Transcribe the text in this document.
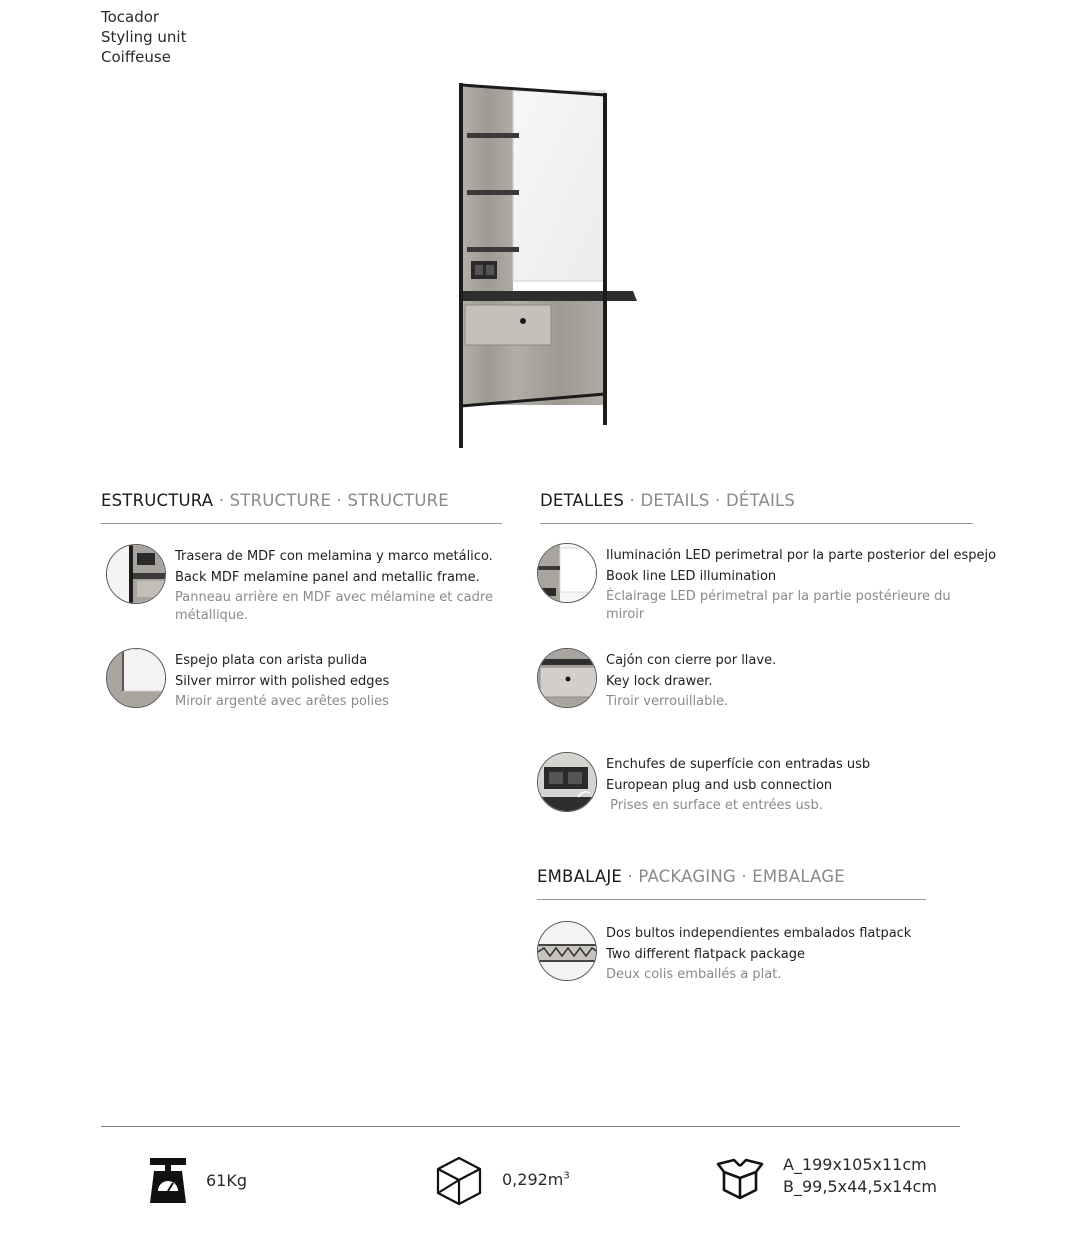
Tocador
Styling unit
Coiffeuse
ESTRUCTURA · STRUCTURE · STRUCTURE
Trasera de MDF con melamina y marco metálico.
Back MDF melamine panel and metallic frame.
Panneau arrière en MDF avec mélamine et cadre métallique.
Espejo plata con arista pulida
Silver mirror with polished edges
Miroir argenté avec arêtes polies
DETALLES · DETAILS · DÉTAILS
Iluminación LED perimetral por la parte posterior del espejo
Book line LED illumination
Éclairage LED périmetral par la partie postérieure du miroir
Cajón con cierre por llave.
Key lock drawer.
Tiroir verrouillable.
Enchufes de superfície con entradas usb
European plug and usb connection
Prises en surface et entrées usb.
EMBALAJE · PACKAGING · EMBALAGE
Dos bultos independientes embalados flatpack
Two different flatpack package
Deux colis emballés a plat.
61Kg	$0,292m^3$
A_199x105x11cm
B_99,5x44,5x14cm
